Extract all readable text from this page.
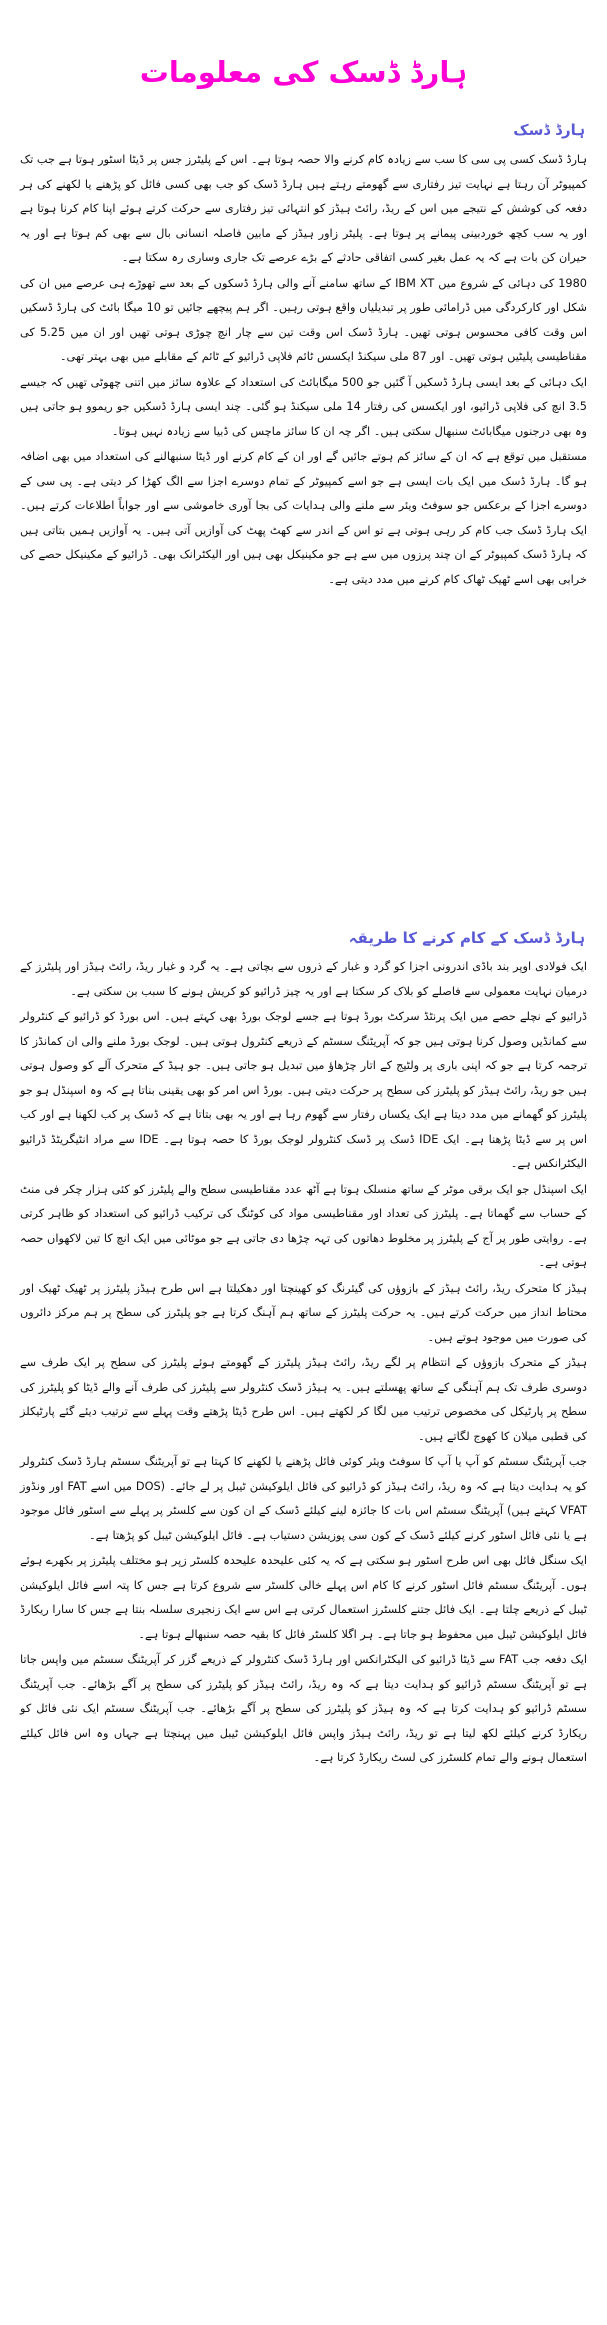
ہارڈ ڈسک کی معلومات
ہارڈ ڈسک

ہارڈ ڈسک کسی پی سی کا سب سے زیادہ کام کرنے والا حصہ ہوتا ہے۔ اس کے پلیٹرز جس پر ڈیٹا اسٹور ہوتا ہے جب تک کمپیوٹر آن رہتا ہے نہایت تیز رفتاری سے گھومتے رہتے ہیں ہارڈ ڈسک کو جب بھی کسی فائل کو پڑھنے یا لکھنے کی ہر دفعہ کی کوشش کے نتیجے میں اس کے ریڈ، رائٹ ہیڈز کو انتہائی تیز رفتاری سے حرکت کرتے ہوئے اپنا کام کرنا ہوتا ہے اور یہ سب کچھ خوردبینی پیمانے پر ہوتا ہے۔ پلیٹر زاور ہیڈز کے مابین فاصلہ انسانی بال سے بھی کم ہوتا ہے اور یہ حیران کن بات ہے کہ یہ عمل بغیر کسی اتفاقی حادثے کے بڑے عرصے تک جاری وساری رہ سکتا ہے۔

1980 کی دہائی کے شروع میں IBM XT کے ساتھ سامنے آنے والی ہارڈ ڈسکوں کے بعد سے تھوڑے ہی عرصے میں ان کی شکل اور کارکردگی میں ڈرامائی طور پر تبدیلیاں واقع ہوتی رہیں۔ اگر ہم پیچھے جائیں تو 10 میگا بائٹ کی ہارڈ ڈسکیں اس وقت کافی محسوس ہوتی تھیں۔ ہارڈ ڈسک اس وقت تین سے چار انچ چوڑی ہوتی تھیں اور ان میں 5.25 کی مقناطیسی پلیٹیں ہوتی تھیں۔ اور 87 ملی سیکنڈ ایکسس ٹائم فلاپی ڈرائیو کے ٹائم کے مقابلے میں بھی بہتر تھی۔

ایک دہائی کے بعد ایسی ہارڈ ڈسکیں آ گئیں جو 500 میگابائٹ کی استعداد کے علاوہ سائز میں اتنی چھوٹی تھیں کہ جیسے 3.5 انچ کی فلاپی ڈرائیو، اور ایکسس کی رفتار 14 ملی سیکنڈ ہو گئی۔ چند ایسی ہارڈ ڈسکیں جو ریموو ہو جاتی ہیں وہ بھی درجنوں میگابائٹ سنبھال سکتی ہیں۔ اگر چہ ان کا سائز ماچس کی ڈبیا سے زیادہ نہیں ہوتا۔

مستقبل میں توقع ہے کہ ان کے سائز کم ہوتے جائیں گے اور ان کے کام کرنے اور ڈیٹا سنبھالنے کی استعداد میں بھی اضافہ ہو گا۔ ہارڈ ڈسک میں ایک بات ایسی ہے جو اسے کمپیوٹر کے تمام دوسرے اجزا سے الگ کھڑا کر دیتی ہے۔ پی سی کے دوسرے اجزا کے برعکس جو سوفٹ ویئر سے ملنے والی ہدایات کی بجا آوری خاموشی سے اور جواباً اطلاعات کرتے ہیں۔ ایک ہارڈ ڈسک جب کام کر رہی ہوتی ہے تو اس کے اندر سے کھٹ پھٹ کی آوازیں آتی ہیں۔ یہ آوازیں ہمیں بتاتی ہیں کہ ہارڈ ڈسک کمپیوٹر کے ان چند پرزوں میں سے ہے جو مکینیکل بھی ہیں اور الیکٹرانک بھی۔ ڈرائیو کے مکینیکل حصے کی خرابی بھی اسے ٹھیک ٹھاک کام کرنے میں مدد دیتی ہے۔

ہارڈ ڈسک کے کام کرنے کا طریقہ

ایک فولادی اوپر بند باڈی اندرونی اجزا کو گرد و غبار کے ذروں سے بچاتی ہے۔ یہ گرد و غبار ریڈ، رائٹ ہیڈز اور پلیٹرز کے درمیان نہایت معمولی سے فاصلے کو بلاک کر سکتا ہے اور یہ چیز ڈرائیو کو کریش ہونے کا سبب بن سکتی ہے۔

ڈرائیو کے نچلے حصے میں ایک پرنٹڈ سرکٹ بورڈ ہوتا ہے جسے لوجک بورڈ بھی کہتے ہیں۔ اس بورڈ کو ڈرائیو کے کنٹرولر سے کمانڈیں وصول کرنا ہوتی ہیں جو کہ آپریٹنگ سسٹم کے ذریعے کنٹرول ہوتی ہیں۔ لوجک بورڈ ملنے والی ان کمانڈز کا ترجمہ کرتا ہے جو کہ اپنی باری پر ولٹیج کے اتار چڑھاؤ میں تبدیل ہو جاتی ہیں۔ جو ہیڈ کے متحرک آلے کو وصول ہوتی ہیں جو ریڈ، رائٹ ہیڈز کو پلیٹرز کی سطح پر حرکت دیتی ہیں۔ بورڈ اس امر کو بھی یقینی بناتا ہے کہ وہ اسپنڈل ہو جو پلیٹرز کو گھمانے میں مدد دیتا ہے ایک یکساں رفتار سے گھوم رہا ہے اور یہ بھی بتاتا ہے کہ ڈسک پر کب لکھنا ہے اور کب اس پر سے ڈیٹا پڑھنا ہے۔ ایک IDE ڈسک پر ڈسک کنٹرولر لوجک بورڈ کا حصہ ہوتا ہے۔ IDE سے مراد انٹیگریٹڈ ڈرائیو الیکٹرانکس ہے۔

ایک اسپنڈل جو ایک برقی موٹر کے ساتھ منسلک ہوتا ہے آٹھ عدد مقناطیسی سطح والے پلیٹرز کو کئی ہزار چکر فی منٹ کے حساب سے گھماتا ہے۔ پلیٹرز کی تعداد اور مقناطیسی مواد کی کوٹنگ کی ترکیب ڈرائیو کی استعداد کو ظاہر کرتی ہے۔ روایتی طور پر آج کے پلیٹرز پر مخلوط دھاتوں کی تہہ چڑھا دی جاتی ہے جو موٹائی میں ایک انچ کا تین لاکھواں حصہ ہوتی ہے۔

ہیڈز کا متحرک ریڈ، رائٹ ہیڈز کے بازوؤں کی گیئرنگ کو کھینچتا اور دھکیلتا ہے اس طرح ہیڈز پلیٹرز پر ٹھیک ٹھیک اور محتاط انداز میں حرکت کرتے ہیں۔ یہ حرکت پلیٹرز کے ساتھ ہم آہنگ کرتا ہے جو پلیٹرز کی سطح پر ہم مرکز دائروں کی صورت میں موجود ہوتے ہیں۔

ہیڈز کے متحرک بازوؤں کے انتظام پر لگے ریڈ، رائٹ ہیڈز پلیٹرز کے گھومتے ہوئے پلیٹرز کی سطح پر ایک طرف سے دوسری طرف تک ہم آہنگی کے ساتھ پھسلتے ہیں۔ یہ ہیڈز ڈسک کنٹرولر سے پلیٹرز کی طرف آنے والے ڈیٹا کو پلیٹرز کی سطح پر پارٹیکل کی مخصوص ترتیب میں لگا کر لکھتے ہیں۔ اس طرح ڈیٹا پڑھتے وقت پہلے سے ترتیب دیئے گئے پارٹیکلز کی قطبی میلان کا کھوج لگاتے ہیں۔

جب آپریٹنگ سسٹم کو آپ یا آپ کا سوفٹ ویئر کوئی فائل پڑھنے یا لکھنے کا کہتا ہے تو آپریٹنگ سسٹم ہارڈ ڈسک کنٹرولر کو یہ ہدایت دیتا ہے کہ وہ ریڈ، رائٹ ہیڈز کو ڈرائیو کی فائل ایلوکیشن ٹیبل پر لے جائے۔ (DOS میں اسے FAT اور ونڈوز VFAT کہتے ہیں) آپریٹنگ سسٹم اس بات کا جائزہ لینے کیلئے ڈسک کے ان کون سے کلسٹر پر پہلے سے اسٹور فائل موجود ہے یا نئی فائل اسٹور کرنے کیلئے ڈسک کے کون سی پوزیشن دستیاب ہے۔ فائل ایلوکیشن ٹیبل کو پڑھتا ہے۔

ایک سنگل فائل بھی اس طرح اسٹور ہو سکتی ہے کہ یہ کئی علیحدہ علیحدہ کلسٹر زپر ہو مختلف پلیٹرز پر بکھرے ہوئے ہوں۔ آپریٹنگ سسٹم فائل اسٹور کرنے کا کام اس پہلے خالی کلسٹر سے شروع کرتا ہے جس کا پتہ اسے فائل ایلوکیشن ٹیبل کے ذریعے چلتا ہے۔ ایک فائل جتنے کلسٹرز استعمال کرتی ہے اس سے ایک زنجیری سلسلہ بنتا ہے جس کا سارا ریکارڈ فائل ایلوکیشن ٹیبل میں محفوظ ہو جاتا ہے۔ ہر اگلا کلسٹر فائل کا بقیہ حصہ سنبھالے ہوتا ہے۔

ایک دفعہ جب FAT سے ڈیٹا ڈرائیو کی الیکٹرانکس اور ہارڈ ڈسک کنٹرولر کے ذریعے گزر کر آپریٹنگ سسٹم میں واپس جاتا ہے تو آپریٹنگ سسٹم ڈرائیو کو ہدایت دیتا ہے کہ وہ ریڈ، رائٹ ہیڈز کو پلیٹرز کی سطح پر آگے بڑھائے۔ جب آپریٹنگ سسٹم ڈرائیو کو ہدایت کرتا ہے کہ وہ ہیڈز کو پلیٹرز کی سطح پر آگے بڑھائے۔ جب آپریٹنگ سسٹم ایک نئی فائل کو ریکارڈ کرنے کیلئے لکھ لیتا ہے تو ریڈ، رائٹ ہیڈز واپس فائل ایلوکیشن ٹیبل میں پہنچتا ہے جہاں وہ اس فائل کیلئے استعمال ہونے والے تمام کلسٹرز کی لسٹ ریکارڈ کرتا ہے۔
